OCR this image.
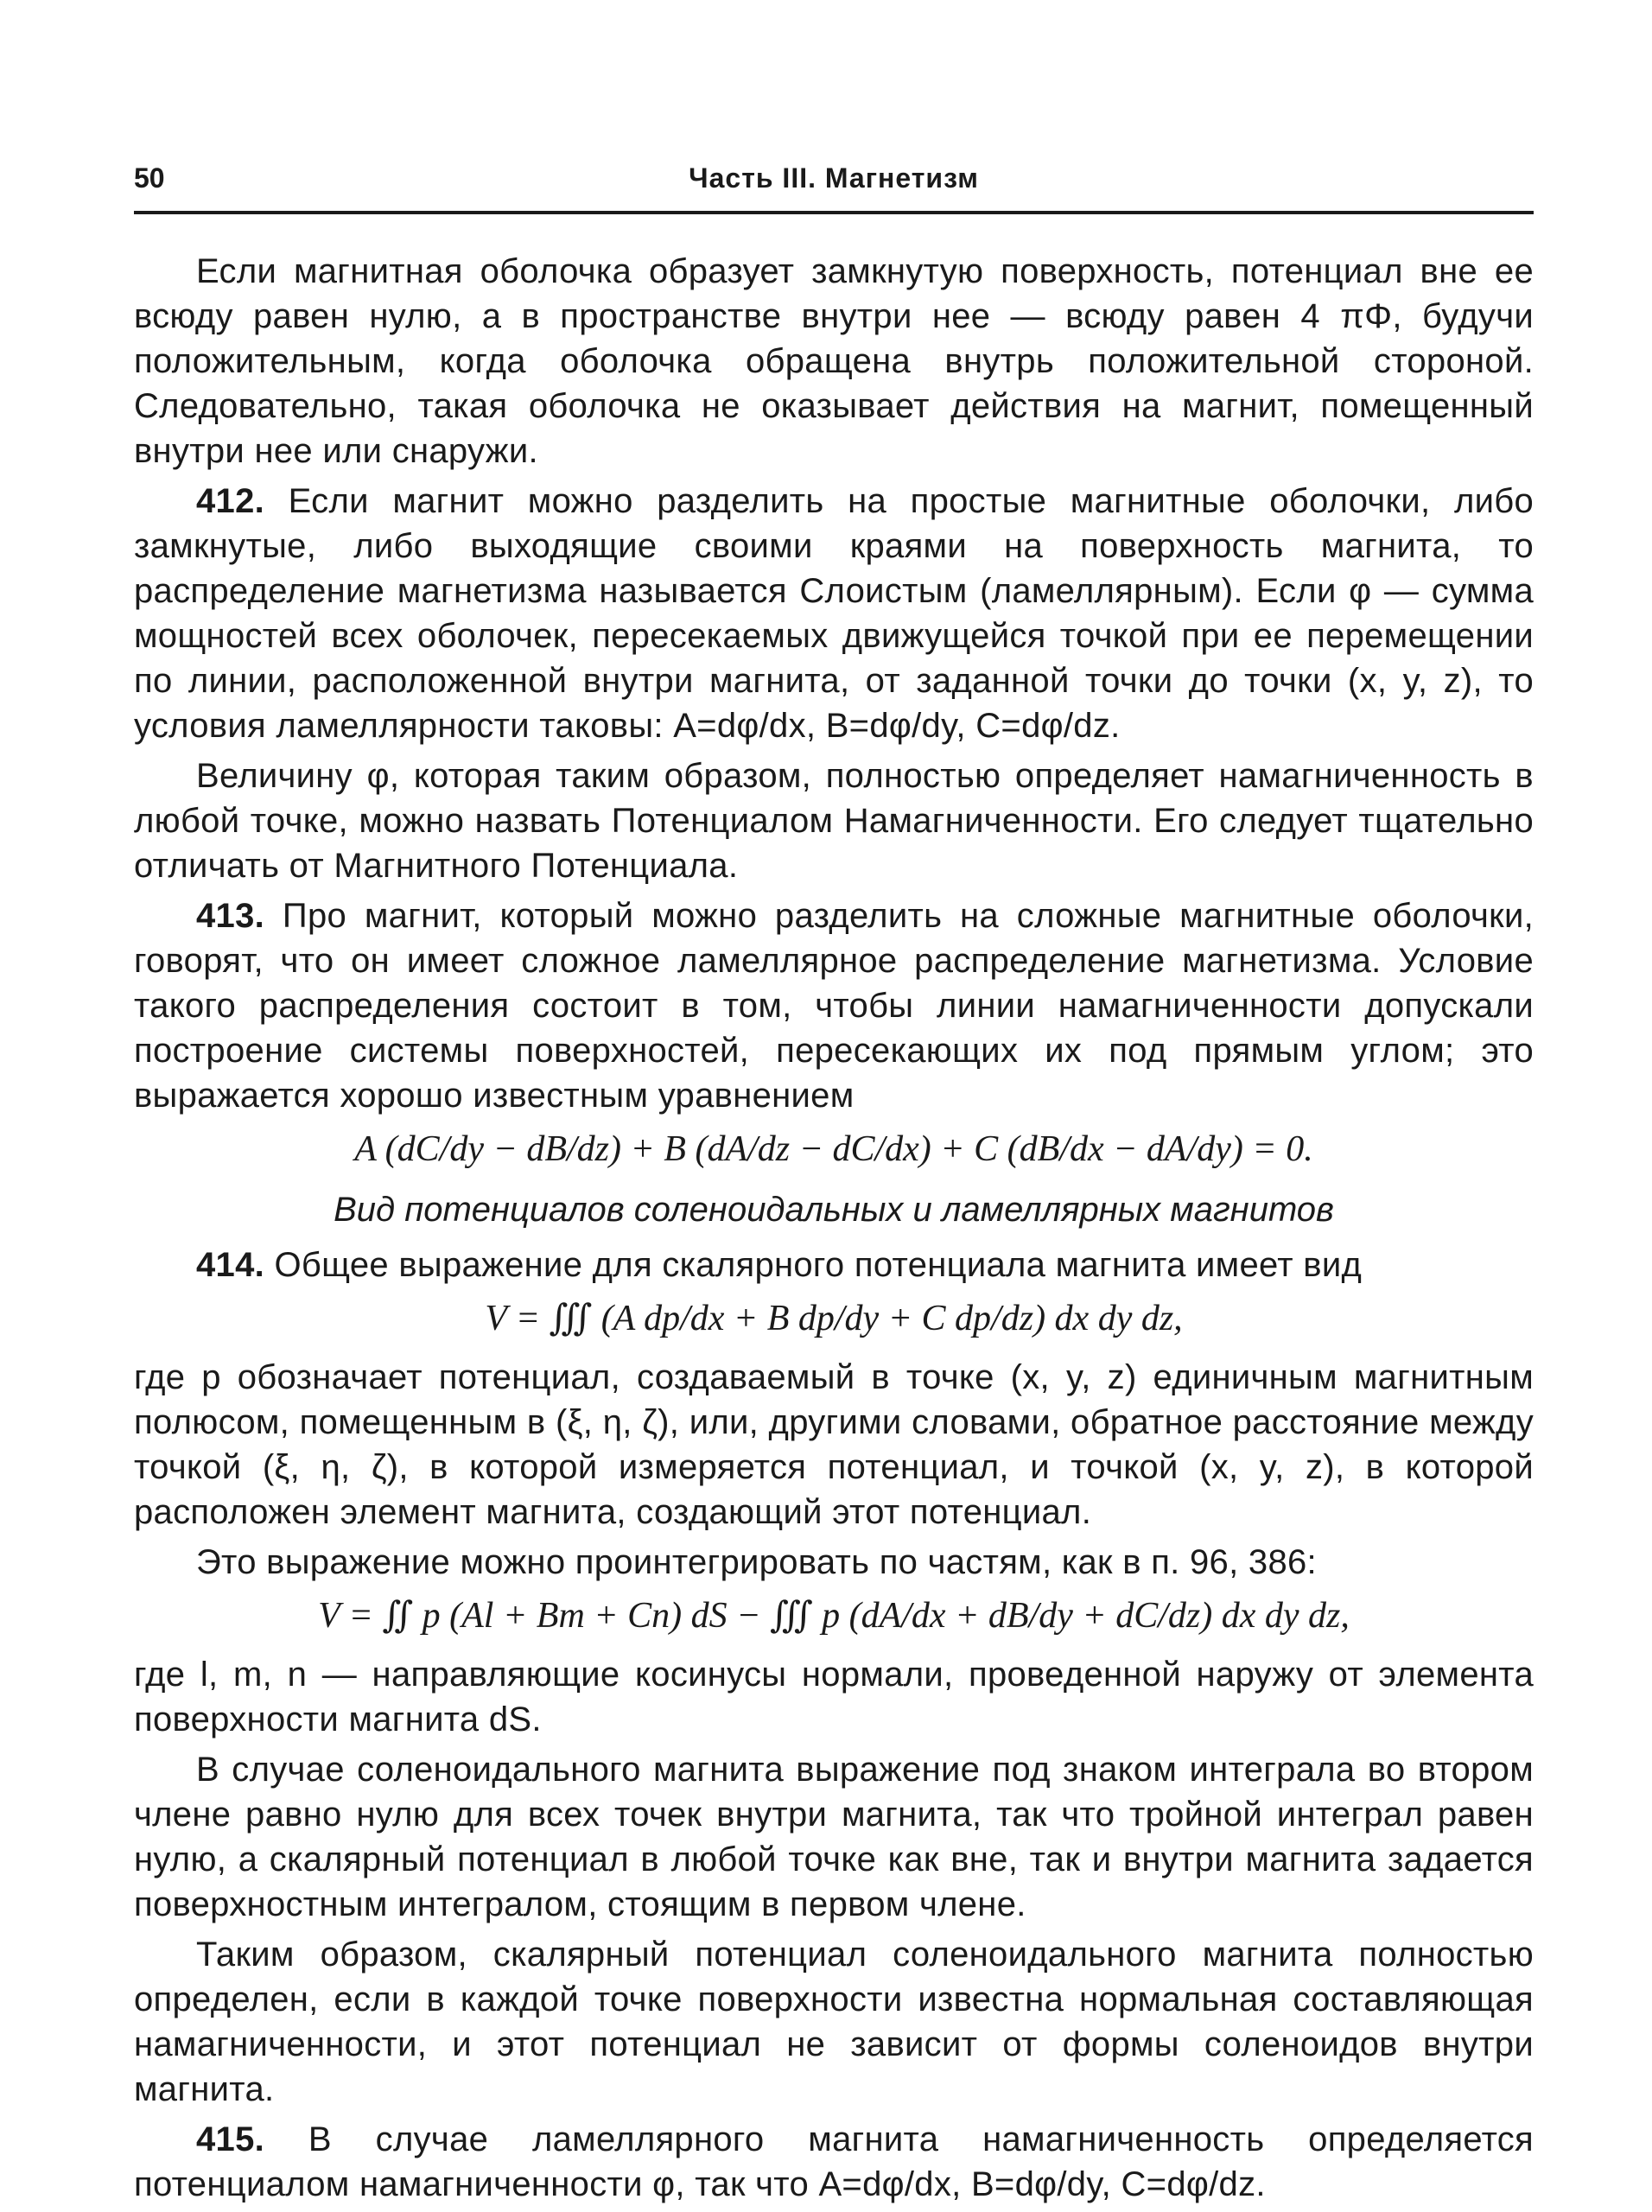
50	Часть III. Магнетизм

Если магнитная оболочка образует замкнутую поверхность, потенциал вне ее всюду равен нулю, а в пространстве внутри нее — всюду равен 4 πΦ, будучи положительным, когда оболочка обращена внутрь положительной стороной. Следовательно, такая оболочка не оказывает действия на магнит, помещенный внутри нее или снаружи.

412. Если магнит можно разделить на простые магнитные оболочки, либо замкнутые, либо выходящие своими краями на поверхность магнита, то распределение магнетизма называется Слоистым (ламеллярным). Если φ — сумма мощностей всех оболочек, пересекаемых движущейся точкой при ее перемещении по линии, расположенной внутри магнита, от заданной точки до точки (x, y, z), то условия ламеллярности таковы: A=dφ/dx, B=dφ/dy, C=dφ/dz.

Величину φ, которая таким образом, полностью определяет намагниченность в любой точке, можно назвать Потенциалом Намагниченности. Его следует тщательно отличать от Магнитного Потенциала.

413. Про магнит, который можно разделить на сложные магнитные оболочки, говорят, что он имеет сложное ламеллярное распределение магнетизма. Условие такого распределения состоит в том, чтобы линии намагниченности допускали построение системы поверхностей, пересекающих их под прямым углом; это выражается хорошо известным уравнением

A (dC/dy − dB/dz) + B (dA/dz − dC/dx) + C (dB/dx − dA/dy) = 0.
Вид потенциалов соленоидальных и ламеллярных магнитов

414. Общее выражение для скалярного потенциала магнита имеет вид

V = ∭ (A dp/dx + B dp/dy + C dp/dz) dx dy dz,

где p обозначает потенциал, создаваемый в точке (x, y, z) единичным магнитным полюсом, помещенным в (ξ, η, ζ), или, другими словами, обратное расстояние между точкой (ξ, η, ζ), в которой измеряется потенциал, и точкой (x, y, z), в которой расположен элемент магнита, создающий этот потенциал.

Это выражение можно проинтегрировать по частям, как в п. 96, 386:

V = ∬ p (Al + Bm + Cn) dS − ∭ p (dA/dx + dB/dy + dC/dz) dx dy dz,

где l, m, n — направляющие косинусы нормали, проведенной наружу от элемента поверхности магнита dS.

В случае соленоидального магнита выражение под знаком интеграла во втором члене равно нулю для всех точек внутри магнита, так что тройной интеграл равен нулю, а скалярный потенциал в любой точке как вне, так и внутри магнита задается поверхностным интегралом, стоящим в первом члене.

Таким образом, скалярный потенциал соленоидального магнита полностью определен, если в каждой точке поверхности известна нормальная составляющая намагниченности, и этот потенциал не зависит от формы соленоидов внутри магнита.

415. В случае ламеллярного магнита намагниченность определяется потенциалом намагниченности φ, так что A=dφ/dx, B=dφ/dy, C=dφ/dz.
